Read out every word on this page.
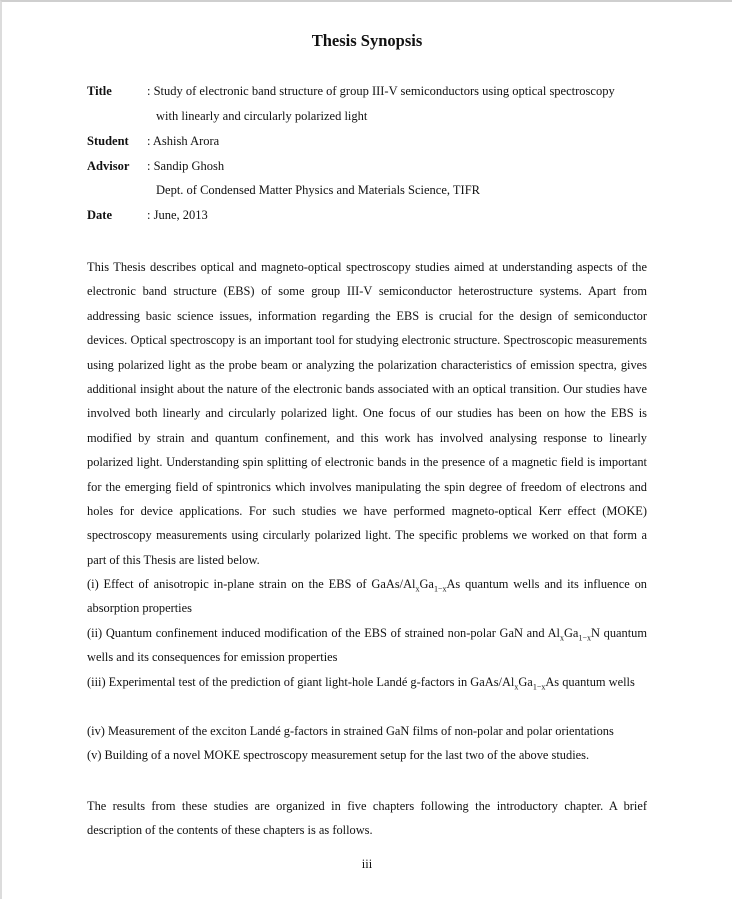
Thesis Synopsis
Title	: Study of electronic band structure of group III-V semiconductors using optical spectroscopy
with linearly and circularly polarized light
Student : Ashish Arora
Advisor : Sandip Ghosh
Dept. of Condensed Matter Physics and Materials Science, TIFR
Date	: June, 2013

This Thesis describes optical and magneto-optical spectroscopy studies aimed at understanding aspects of the electronic band structure (EBS) of some group III-V semiconductor heterostructure systems. Apart from addressing basic science issues, information regarding the EBS is crucial for the design of semiconductor devices. Optical spectroscopy is an important tool for studying electronic structure. Spectroscopic measurements using polarized light as the probe beam or analyzing the polarization characteristics of emission spectra, gives additional insight about the nature of the electronic bands associated with an optical transition. Our studies have involved both linearly and circularly polarized light. One focus of our studies has been on how the EBS is modified by strain and quantum confinement, and this work has involved analysing response to linearly polarized light. Understanding spin splitting of electronic bands in the presence of a magnetic field is important for the emerging field of spintronics which involves manipulating the spin degree of freedom of electrons and holes for device applications. For such studies we have performed magneto-optical Kerr effect (MOKE) spectroscopy measurements using circularly polarized light. The specific problems we worked on that form a part of this Thesis are listed below.

(i) Effect of anisotropic in-plane strain on the EBS of GaAs/$Al_xGa_{1-x}As$ quantum wells and its influence on absorption properties
(ii) Quantum confinement induced modification of the EBS of strained non-polar GaN and $Al_xGa_{1-x}N$ quantum wells and its consequences for emission properties
(iii) Experimental test of the prediction of giant light-hole Landé g-factors in GaAs/$Al_xGa_{1-x}As$ quantum wells
(iv) Measurement of the exciton Landé g-factors in strained GaN films of non-polar and polar orientations
(v) Building of a novel MOKE spectroscopy measurement setup for the last two of the above studies.

The results from these studies are organized in five chapters following the introductory chapter. A brief description of the contents of these chapters is as follows.

iii
